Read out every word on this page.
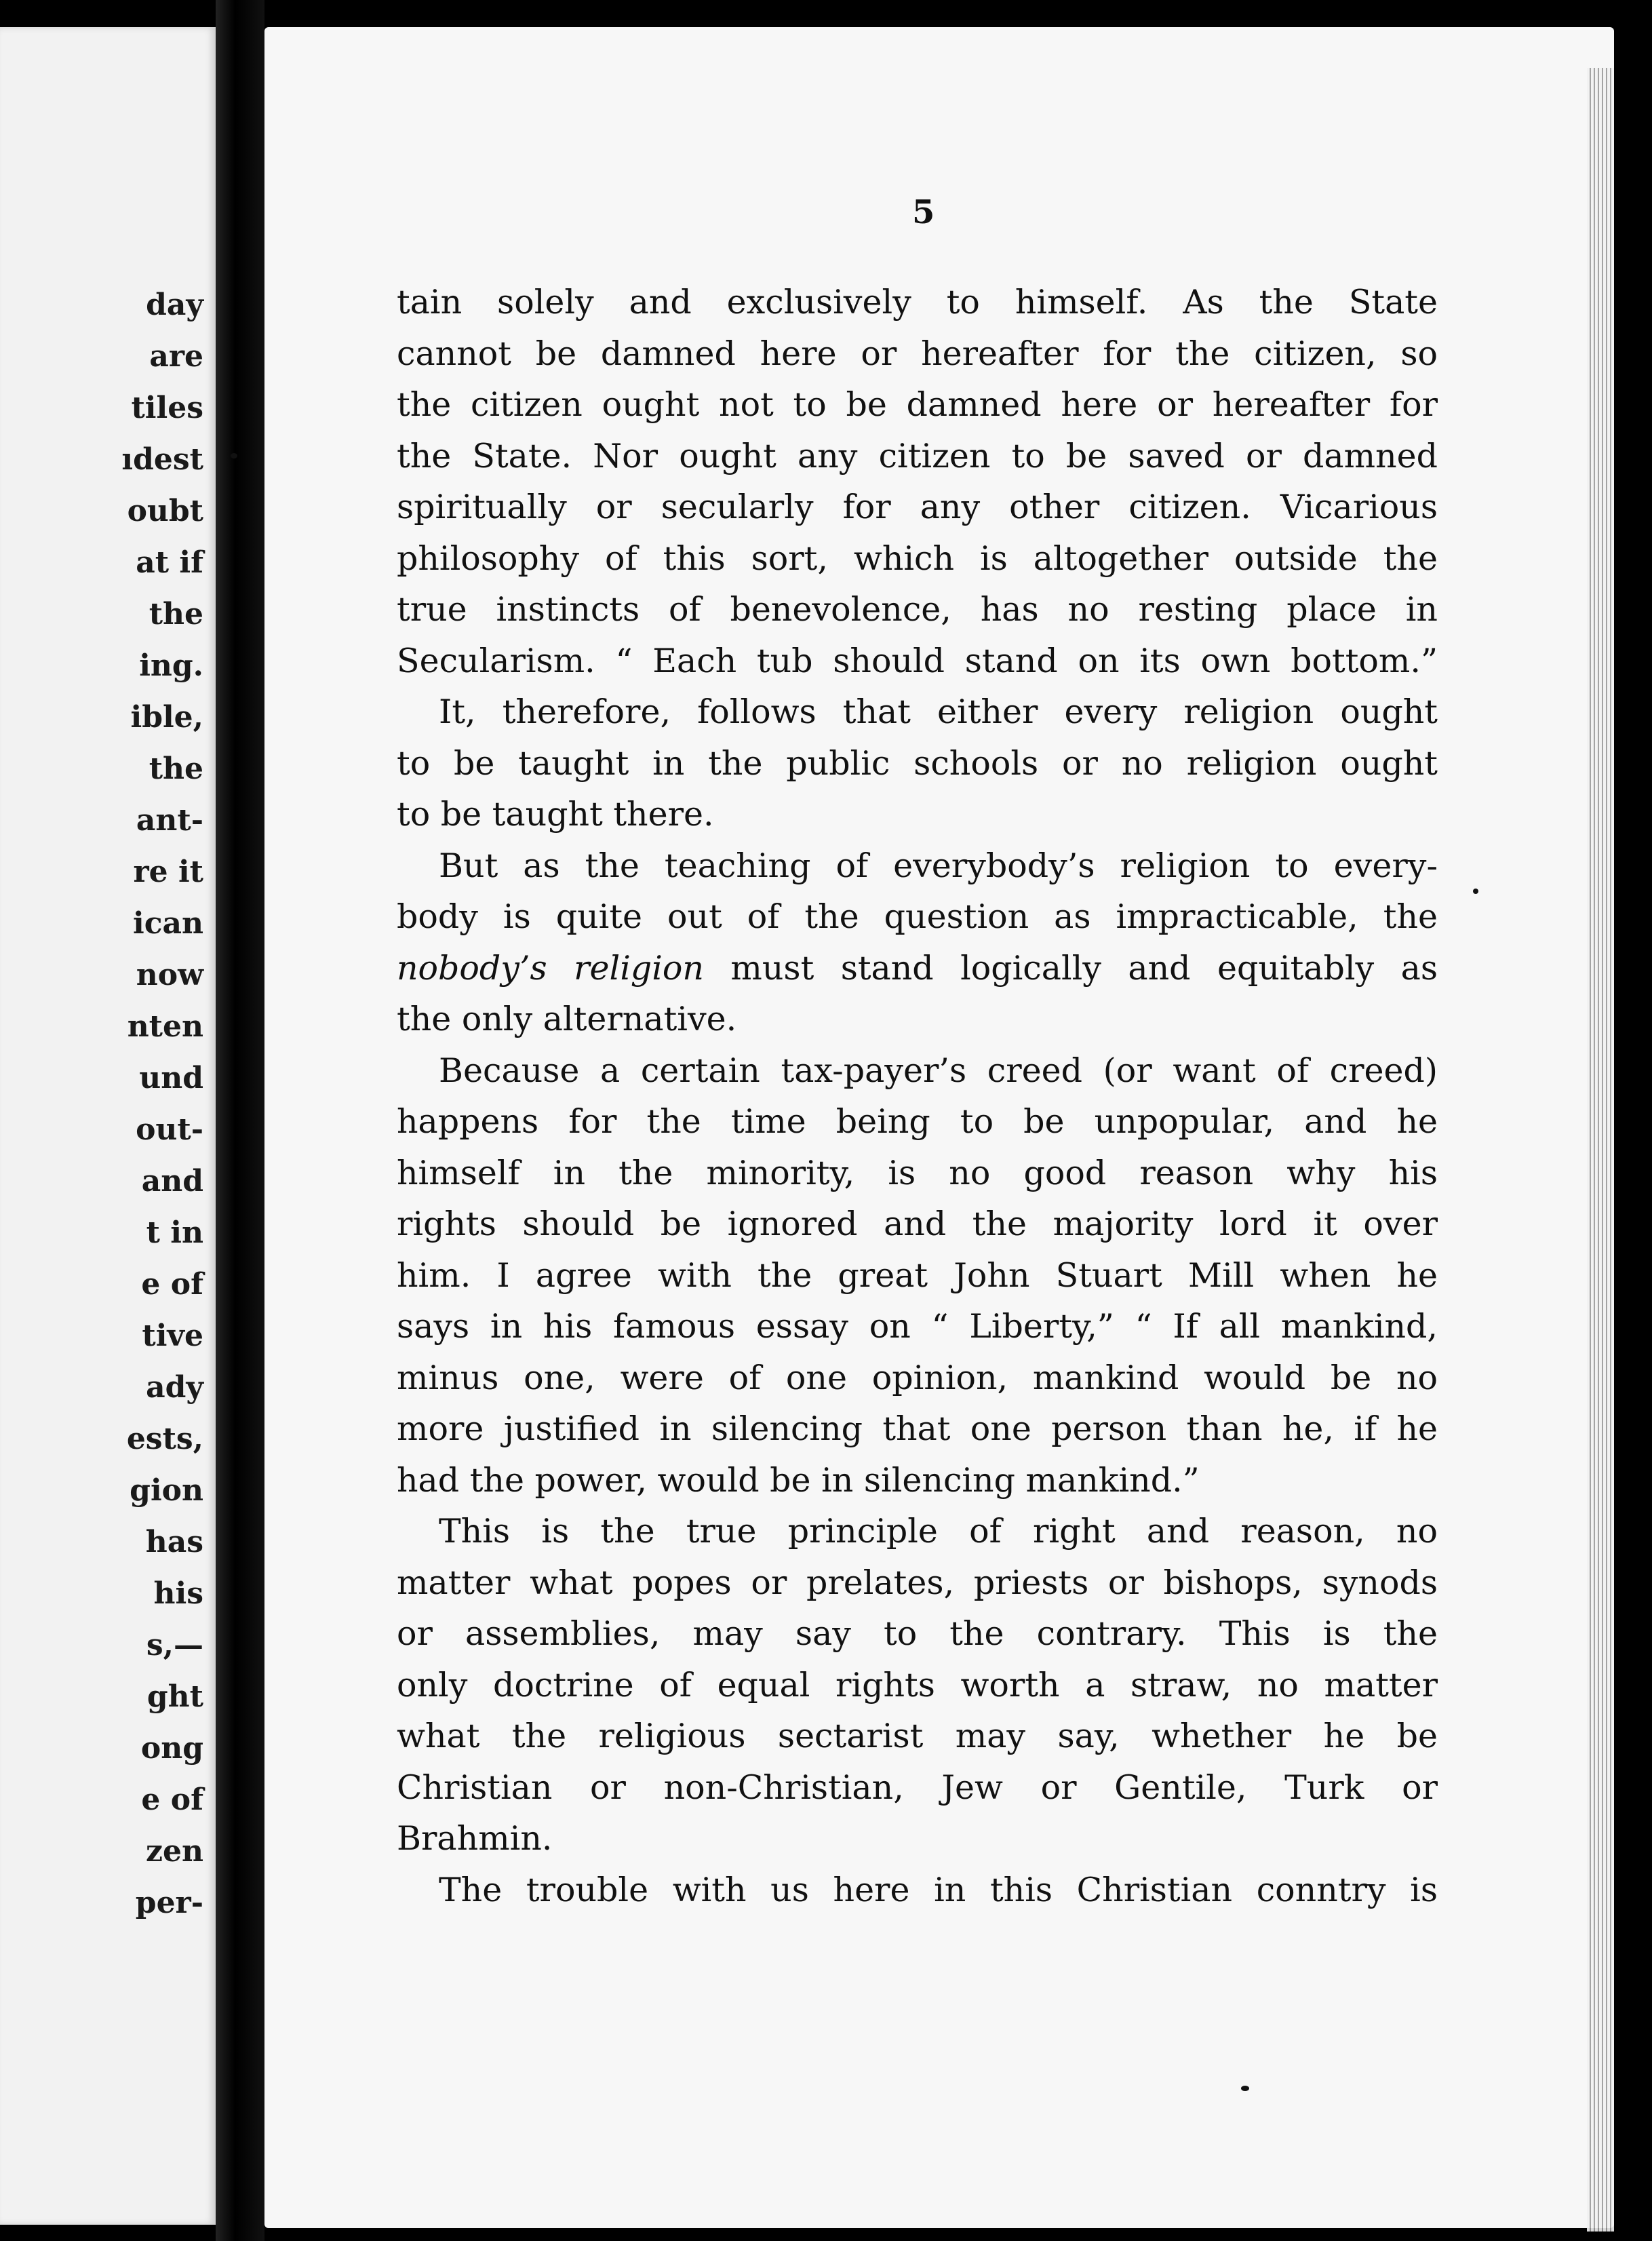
day
are
tiles
ıdest
oubt
at if
the
ing.
ible,
the
ant-
re it
ican
now
nten
und
out-
and
t in
e of
tive
ady
ests,
gion
has
his
s,—
ght
ong
e of
zen
per-
5
tain solely and exclusively to himself. As the State
cannot be damned here or hereafter for the citizen, so
the citizen ought not to be damned here or hereafter for
the State. Nor ought any citizen to be saved or damned
spiritually or secularly for any other citizen. Vicarious
philosophy of this sort, which is altogether outside the
true instincts of benevolence, has no resting place in
Secularism. “ Each tub should stand on its own bottom.”
It, therefore, follows that either every religion ought
to be taught in the public schools or no religion ought
to be taught there.
But as the teaching of everybody’s religion to every-
body is quite out of the question as impracticable, the
nobody’s religion must stand logically and equitably as
the only alternative.
Because a certain tax-payer’s creed (or want of creed)
happens for the time being to be unpopular, and he
himself in the minority, is no good reason why his
rights should be ignored and the majority lord it over
him. I agree with the great John Stuart Mill when he
says in his famous essay on “ Liberty,” “ If all mankind,
minus one, were of one opinion, mankind would be no
more justified in silencing that one person than he, if he
had the power, would be in silencing mankind.”
This is the true principle of right and reason, no
matter what popes or prelates, priests or bishops, synods
or assemblies, may say to the contrary. This is the
only doctrine of equal rights worth a straw, no matter
what the religious sectarist may say, whether he be
Christian or non-Christian, Jew or Gentile, Turk or
Brahmin.
The trouble with us here in this Christian conntry is
